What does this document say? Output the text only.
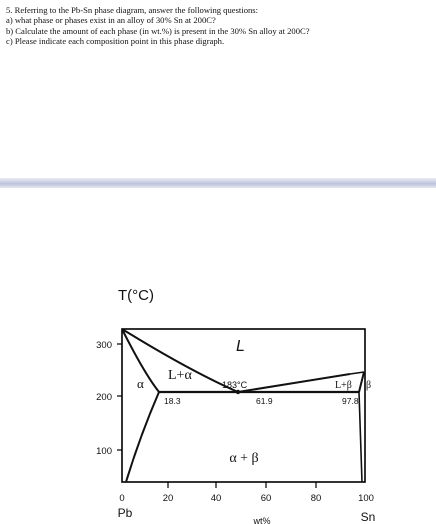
5. Referring to the Pb-Sn phase diagram, answer the following questions:
a) what phase or phases exist in an alloy of 30% Sn at 200C?
b) Calculate the amount of each phase (in wt.%) is present in the 30% Sn alloy at 200C?
c) Please indicate each composition point in this phase digraph.
T(°C)
300
200
100
0	20	40	60	80	100
Pb	Sn
wt%
L
L+α
α
α + β
L+β β
183°C
18.3	61.9	97.8
